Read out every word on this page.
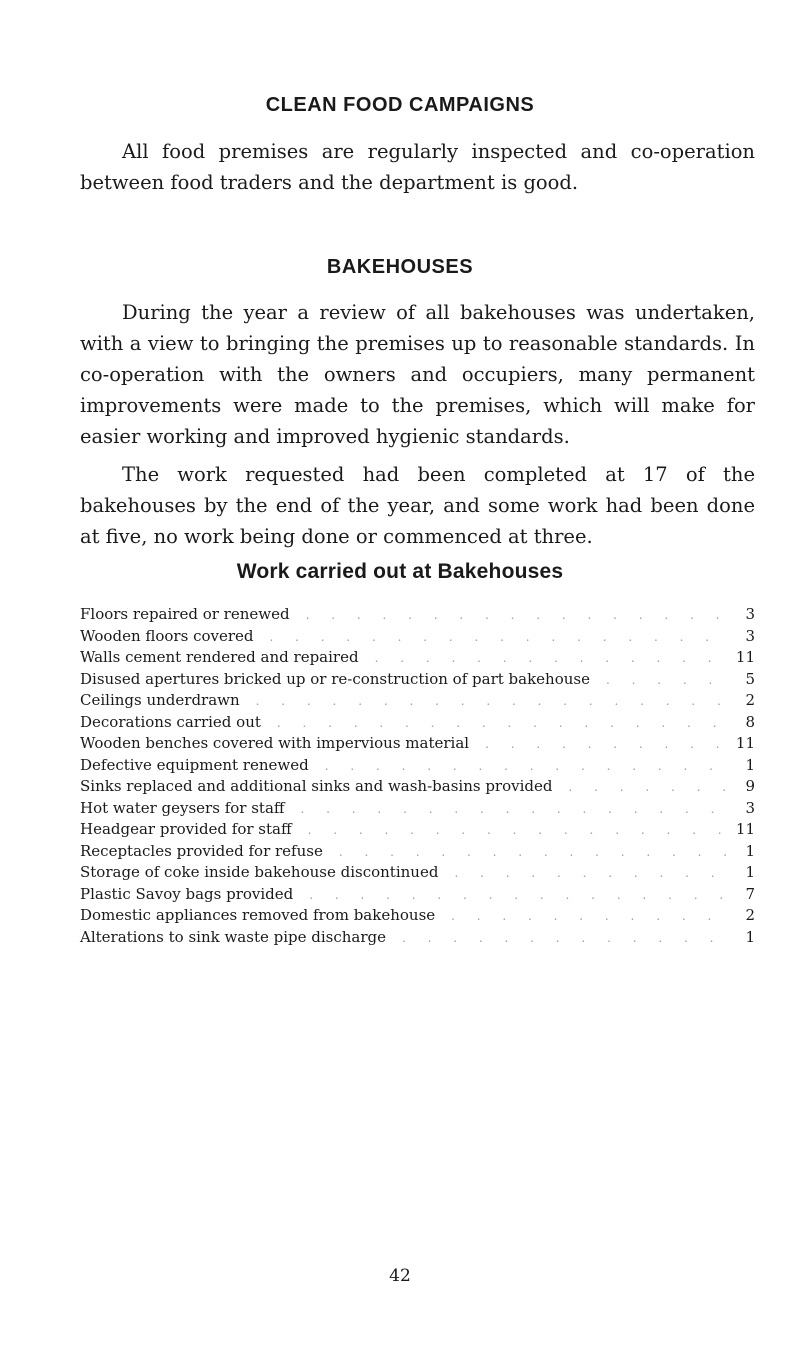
CLEAN FOOD CAMPAIGNS

All food premises are regularly inspected and co-operation between food traders and the department is good.

BAKEHOUSES

During the year a review of all bakehouses was undertaken, with a view to bringing the premises up to reasonable standards. In co-operation with the owners and occupiers, many permanent improvements were made to the premises, which will make for easier working and improved hygienic standards.

The work requested had been completed at 17 of the bakehouses by the end of the year, and some work had been done at five, no work being done or commenced at three.

Work carried out at Bakehouses
Floors repaired or renewed . . .	3
Wooden floors covered . . .	3
Walls cement rendered and repaired . . .	11
Disused apertures bricked up or re-construction of part bakehouse . . .	5
Ceilings underdrawn . . .	2
Decorations carried out . . .	8
Wooden benches covered with impervious material . . .	11
Defective equipment renewed . . .	1
Sinks replaced and additional sinks and wash-basins provided . . .	9
Hot water geysers for staff . . .	3
Headgear provided for staff . . .	11
Receptacles provided for refuse . . .	1
Storage of coke inside bakehouse discontinued . . .	1
Plastic Savoy bags provided . . .	7
Domestic appliances removed from bakehouse . . .	2
Alterations to sink waste pipe discharge . . .	1

42
